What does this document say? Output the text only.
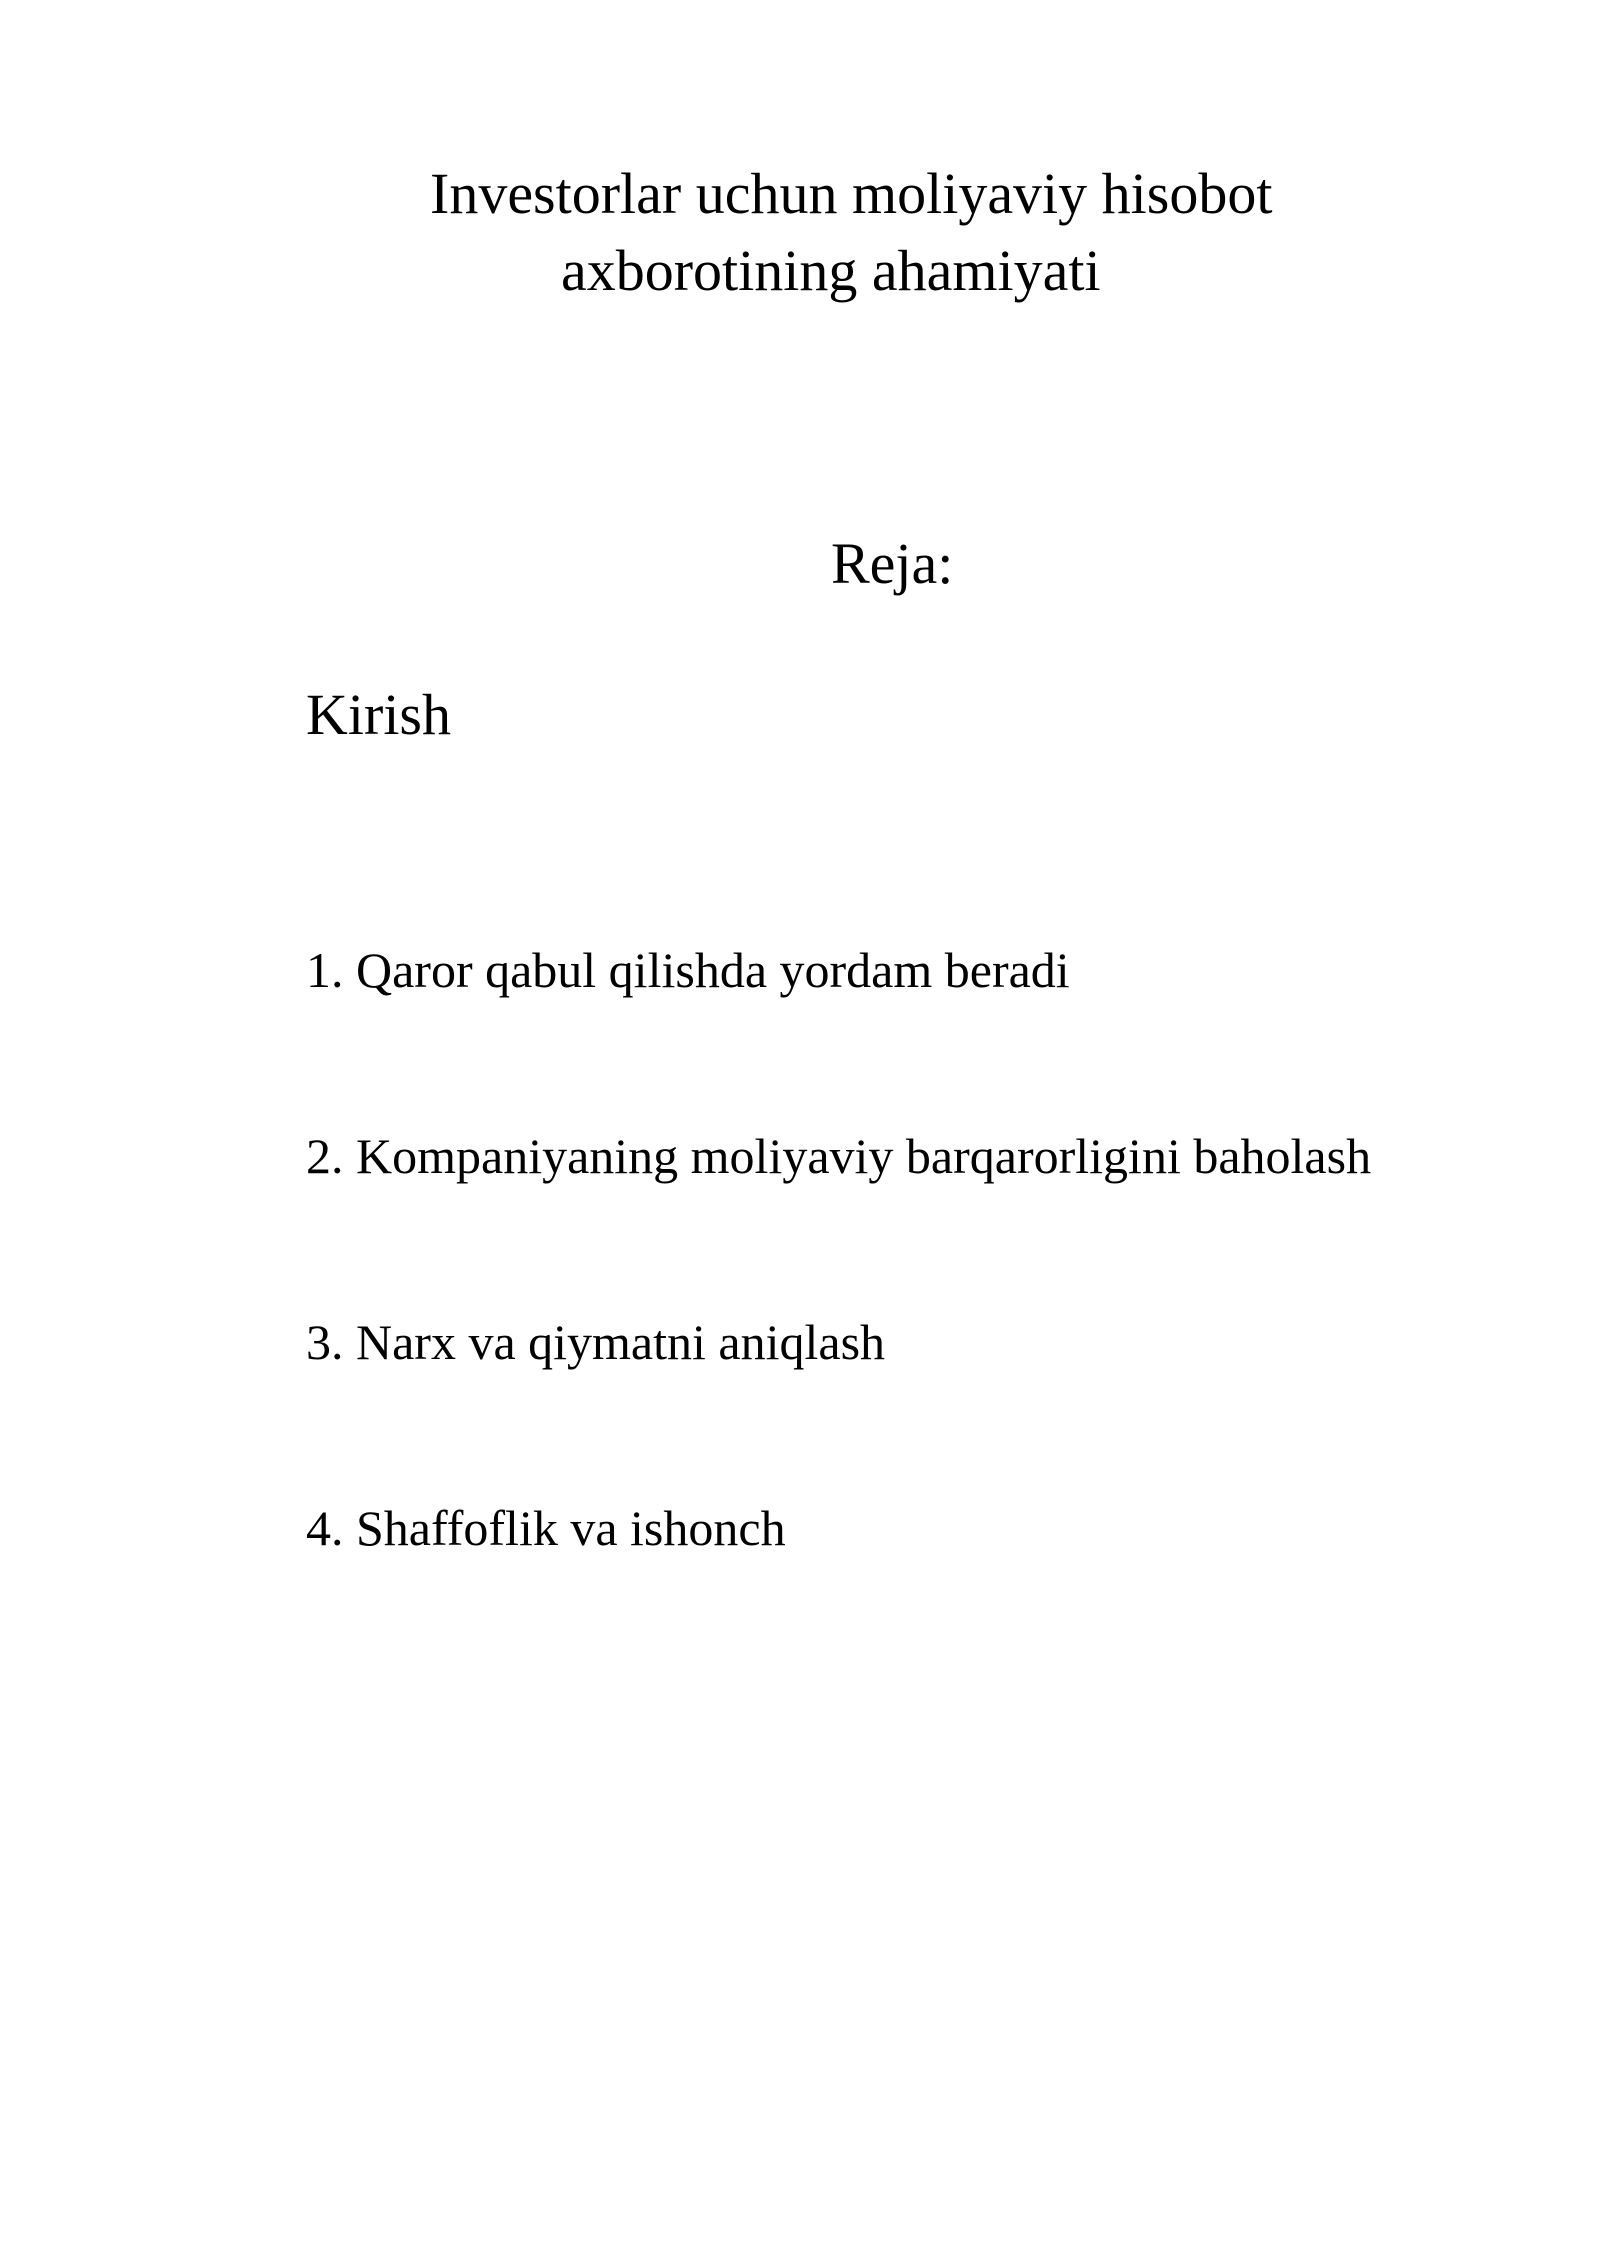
Investorlar uchun moliyaviy hisobot
axborotining ahamiyati
Reja:
Kirish
1. Qaror qabul qilishda yordam beradi
2. Kompaniyaning moliyaviy barqarorligini baholash
3. Narx va qiymatni aniqlash
4. Shaffoflik va ishonch
